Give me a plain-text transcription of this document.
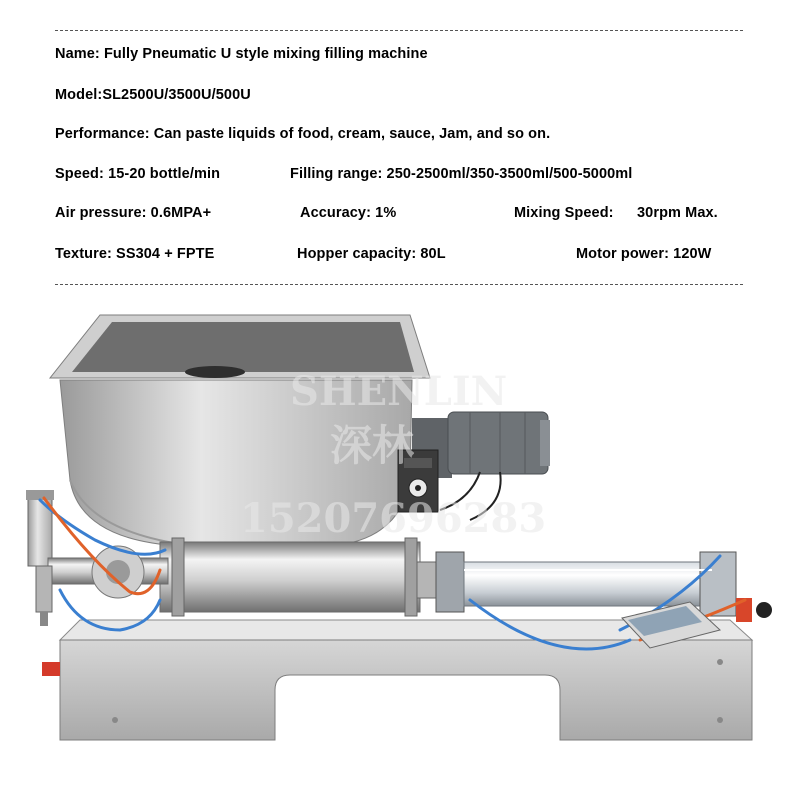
Name: Fully Pneumatic U style mixing filling machine
Model:SL2500U/3500U/500U
Performance: Can paste liquids of food, cream, sauce, Jam, and so on.
Speed: 15-20 bottle/min	Filling range: 250-2500ml/350-3500ml/500-5000ml
Air pressure: 0.6MPA+	Accuracy: 1%	Mixing Speed: 30rpm Max.
Texture: SS304 + FPTE	Hopper capacity: 80L	Motor power: 120W
SHENLIN
深林
15207696283
